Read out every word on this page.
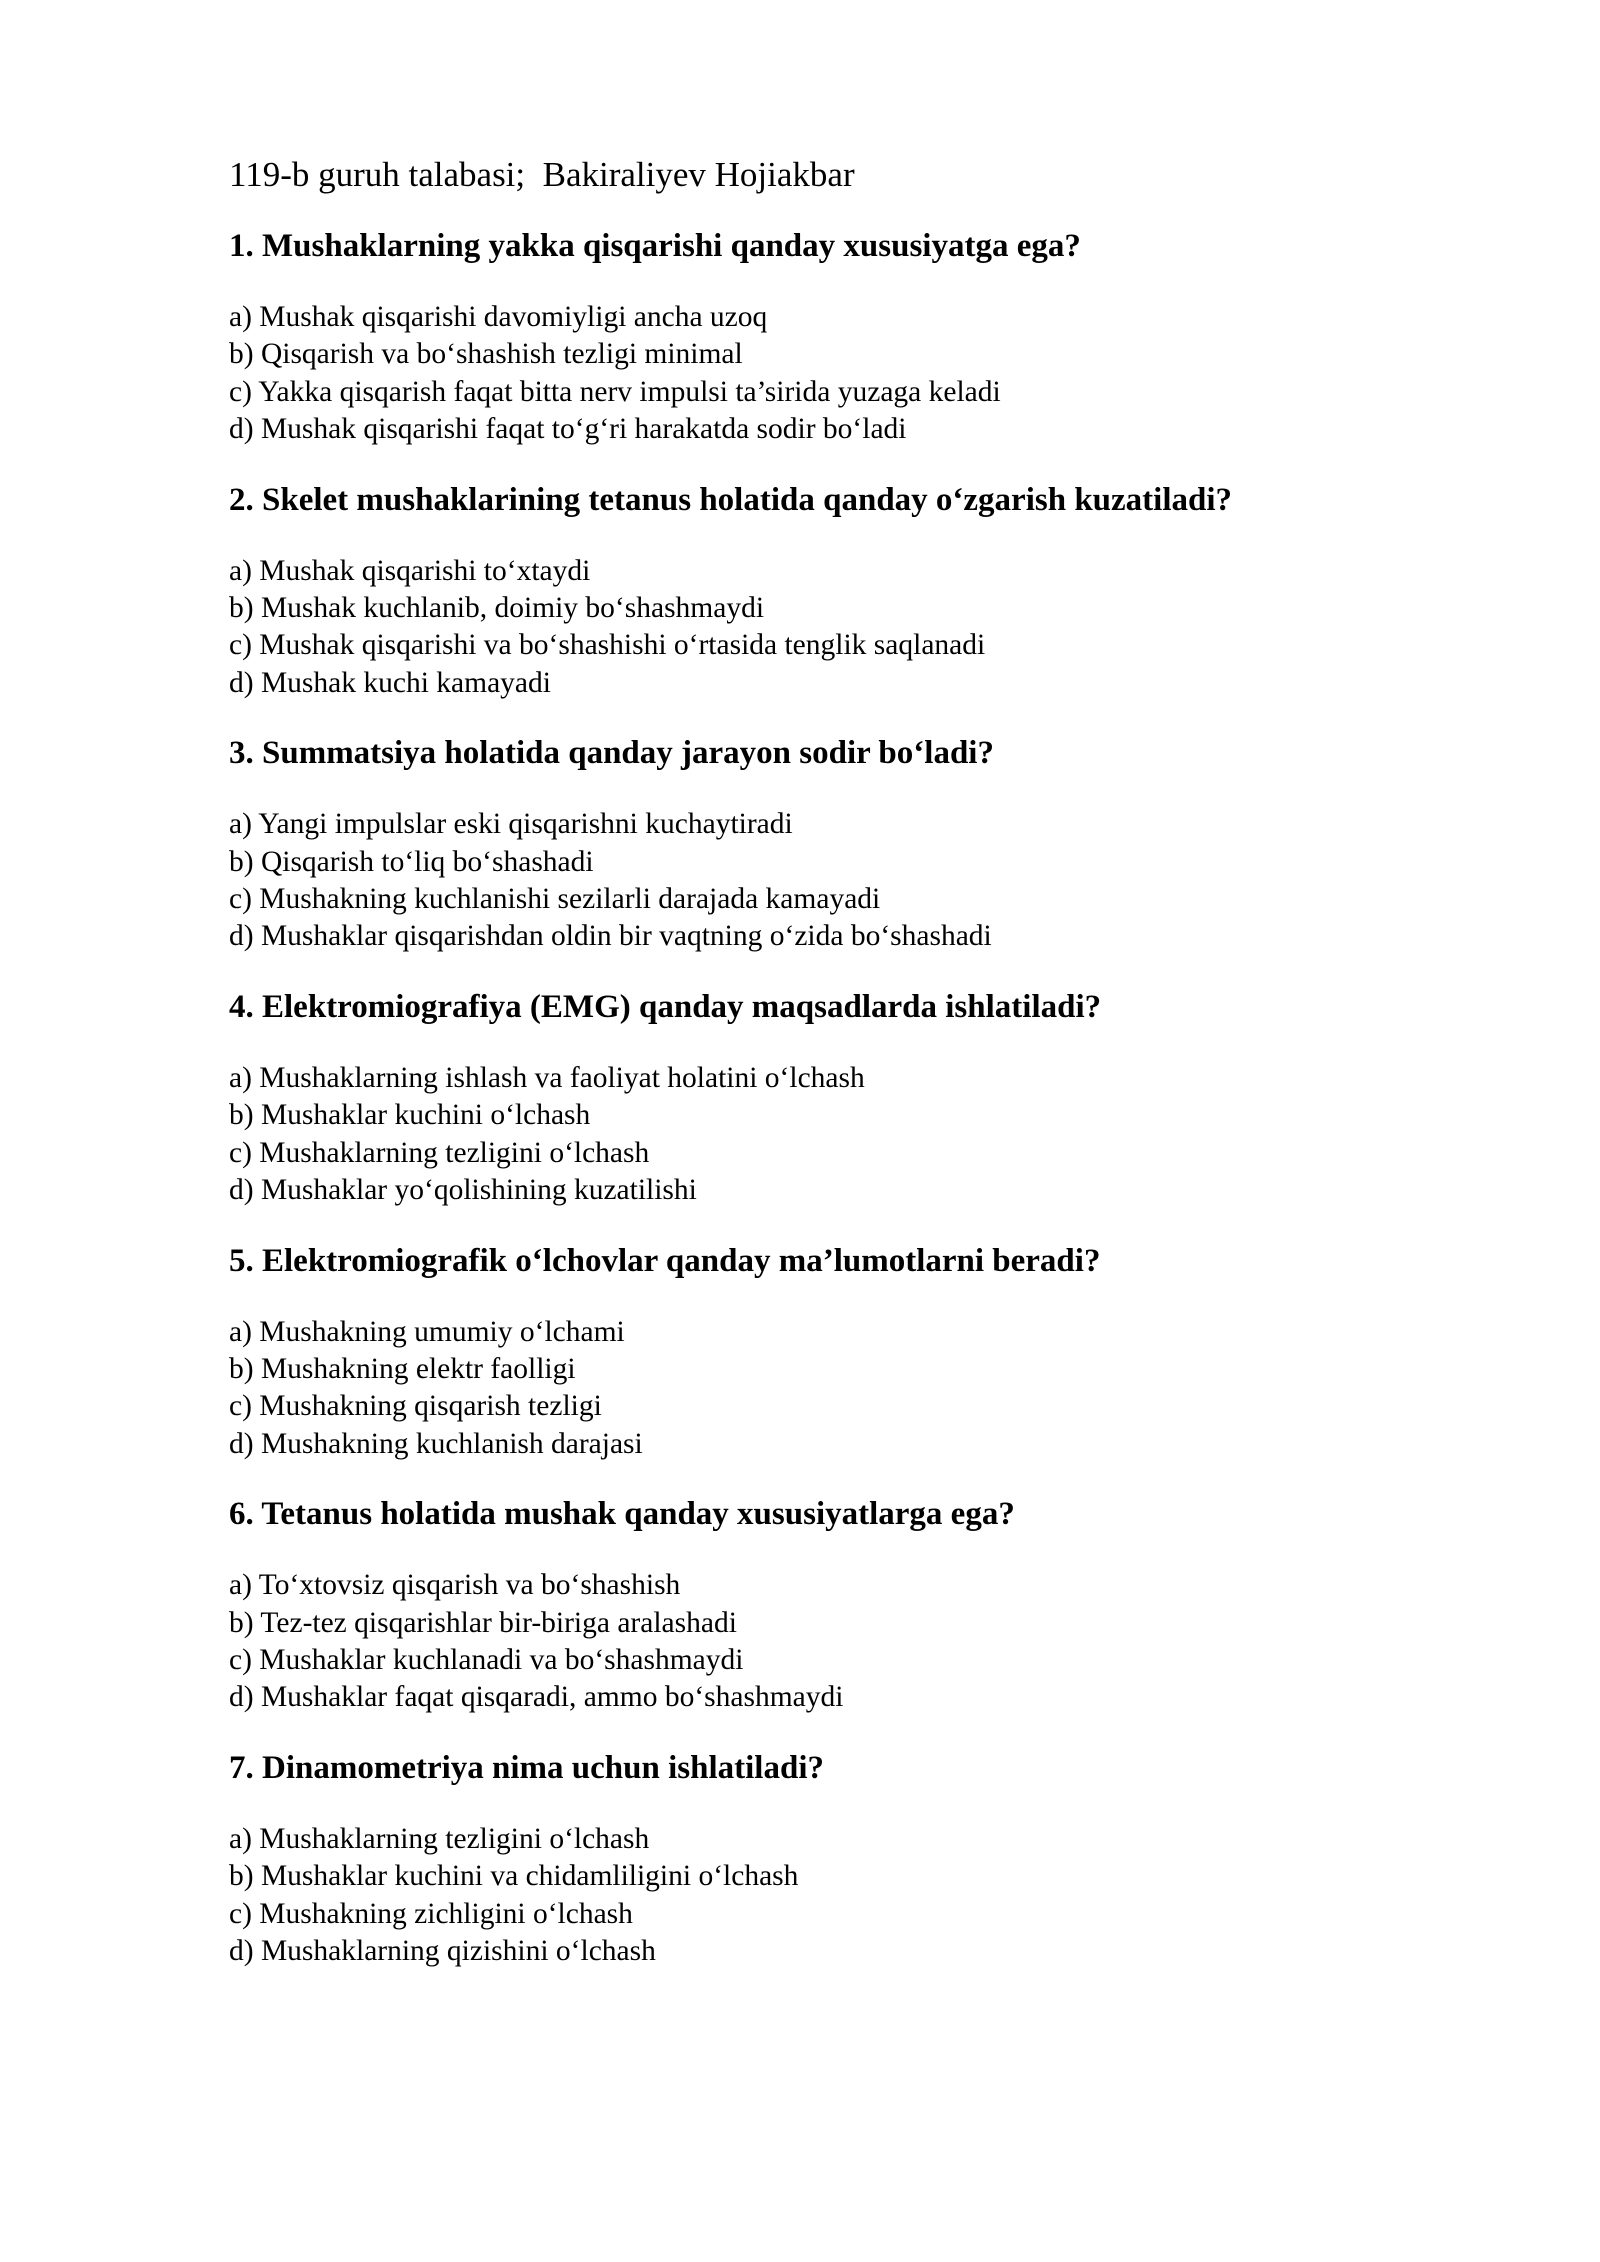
119-b guruh talabasi;  Bakiraliyev Hojiakbar
1. Mushaklarning yakka qisqarishi qanday xususiyatga ega?
a) Mushak qisqarishi davomiyligi ancha uzoq
b) Qisqarish va bo‘shashish tezligi minimal
c) Yakka qisqarish faqat bitta nerv impulsi ta’sirida yuzaga keladi
d) Mushak qisqarishi faqat to‘g‘ri harakatda sodir bo‘ladi
2. Skelet mushaklarining tetanus holatida qanday o‘zgarish kuzatiladi?
a) Mushak qisqarishi to‘xtaydi
b) Mushak kuchlanib, doimiy bo‘shashmaydi
c) Mushak qisqarishi va bo‘shashishi o‘rtasida tenglik saqlanadi
d) Mushak kuchi kamayadi
3. Summatsiya holatida qanday jarayon sodir bo‘ladi?
a) Yangi impulslar eski qisqarishni kuchaytiradi
b) Qisqarish to‘liq bo‘shashadi
c) Mushakning kuchlanishi sezilarli darajada kamayadi
d) Mushaklar qisqarishdan oldin bir vaqtning o‘zida bo‘shashadi
4. Elektromiografiya (EMG) qanday maqsadlarda ishlatiladi?
a) Mushaklarning ishlash va faoliyat holatini o‘lchash
b) Mushaklar kuchini o‘lchash
c) Mushaklarning tezligini o‘lchash
d) Mushaklar yo‘qolishining kuzatilishi
5. Elektromiografik o‘lchovlar qanday ma’lumotlarni beradi?
a) Mushakning umumiy o‘lchami
b) Mushakning elektr faolligi
c) Mushakning qisqarish tezligi
d) Mushakning kuchlanish darajasi
6. Tetanus holatida mushak qanday xususiyatlarga ega?
a) To‘xtovsiz qisqarish va bo‘shashish
b) Tez-tez qisqarishlar bir-biriga aralashadi
c) Mushaklar kuchlanadi va bo‘shashmaydi
d) Mushaklar faqat qisqaradi, ammo bo‘shashmaydi
7. Dinamometriya nima uchun ishlatiladi?
a) Mushaklarning tezligini o‘lchash
b) Mushaklar kuchini va chidamliligini o‘lchash
c) Mushakning zichligini o‘lchash
d) Mushaklarning qizishini o‘lchash
